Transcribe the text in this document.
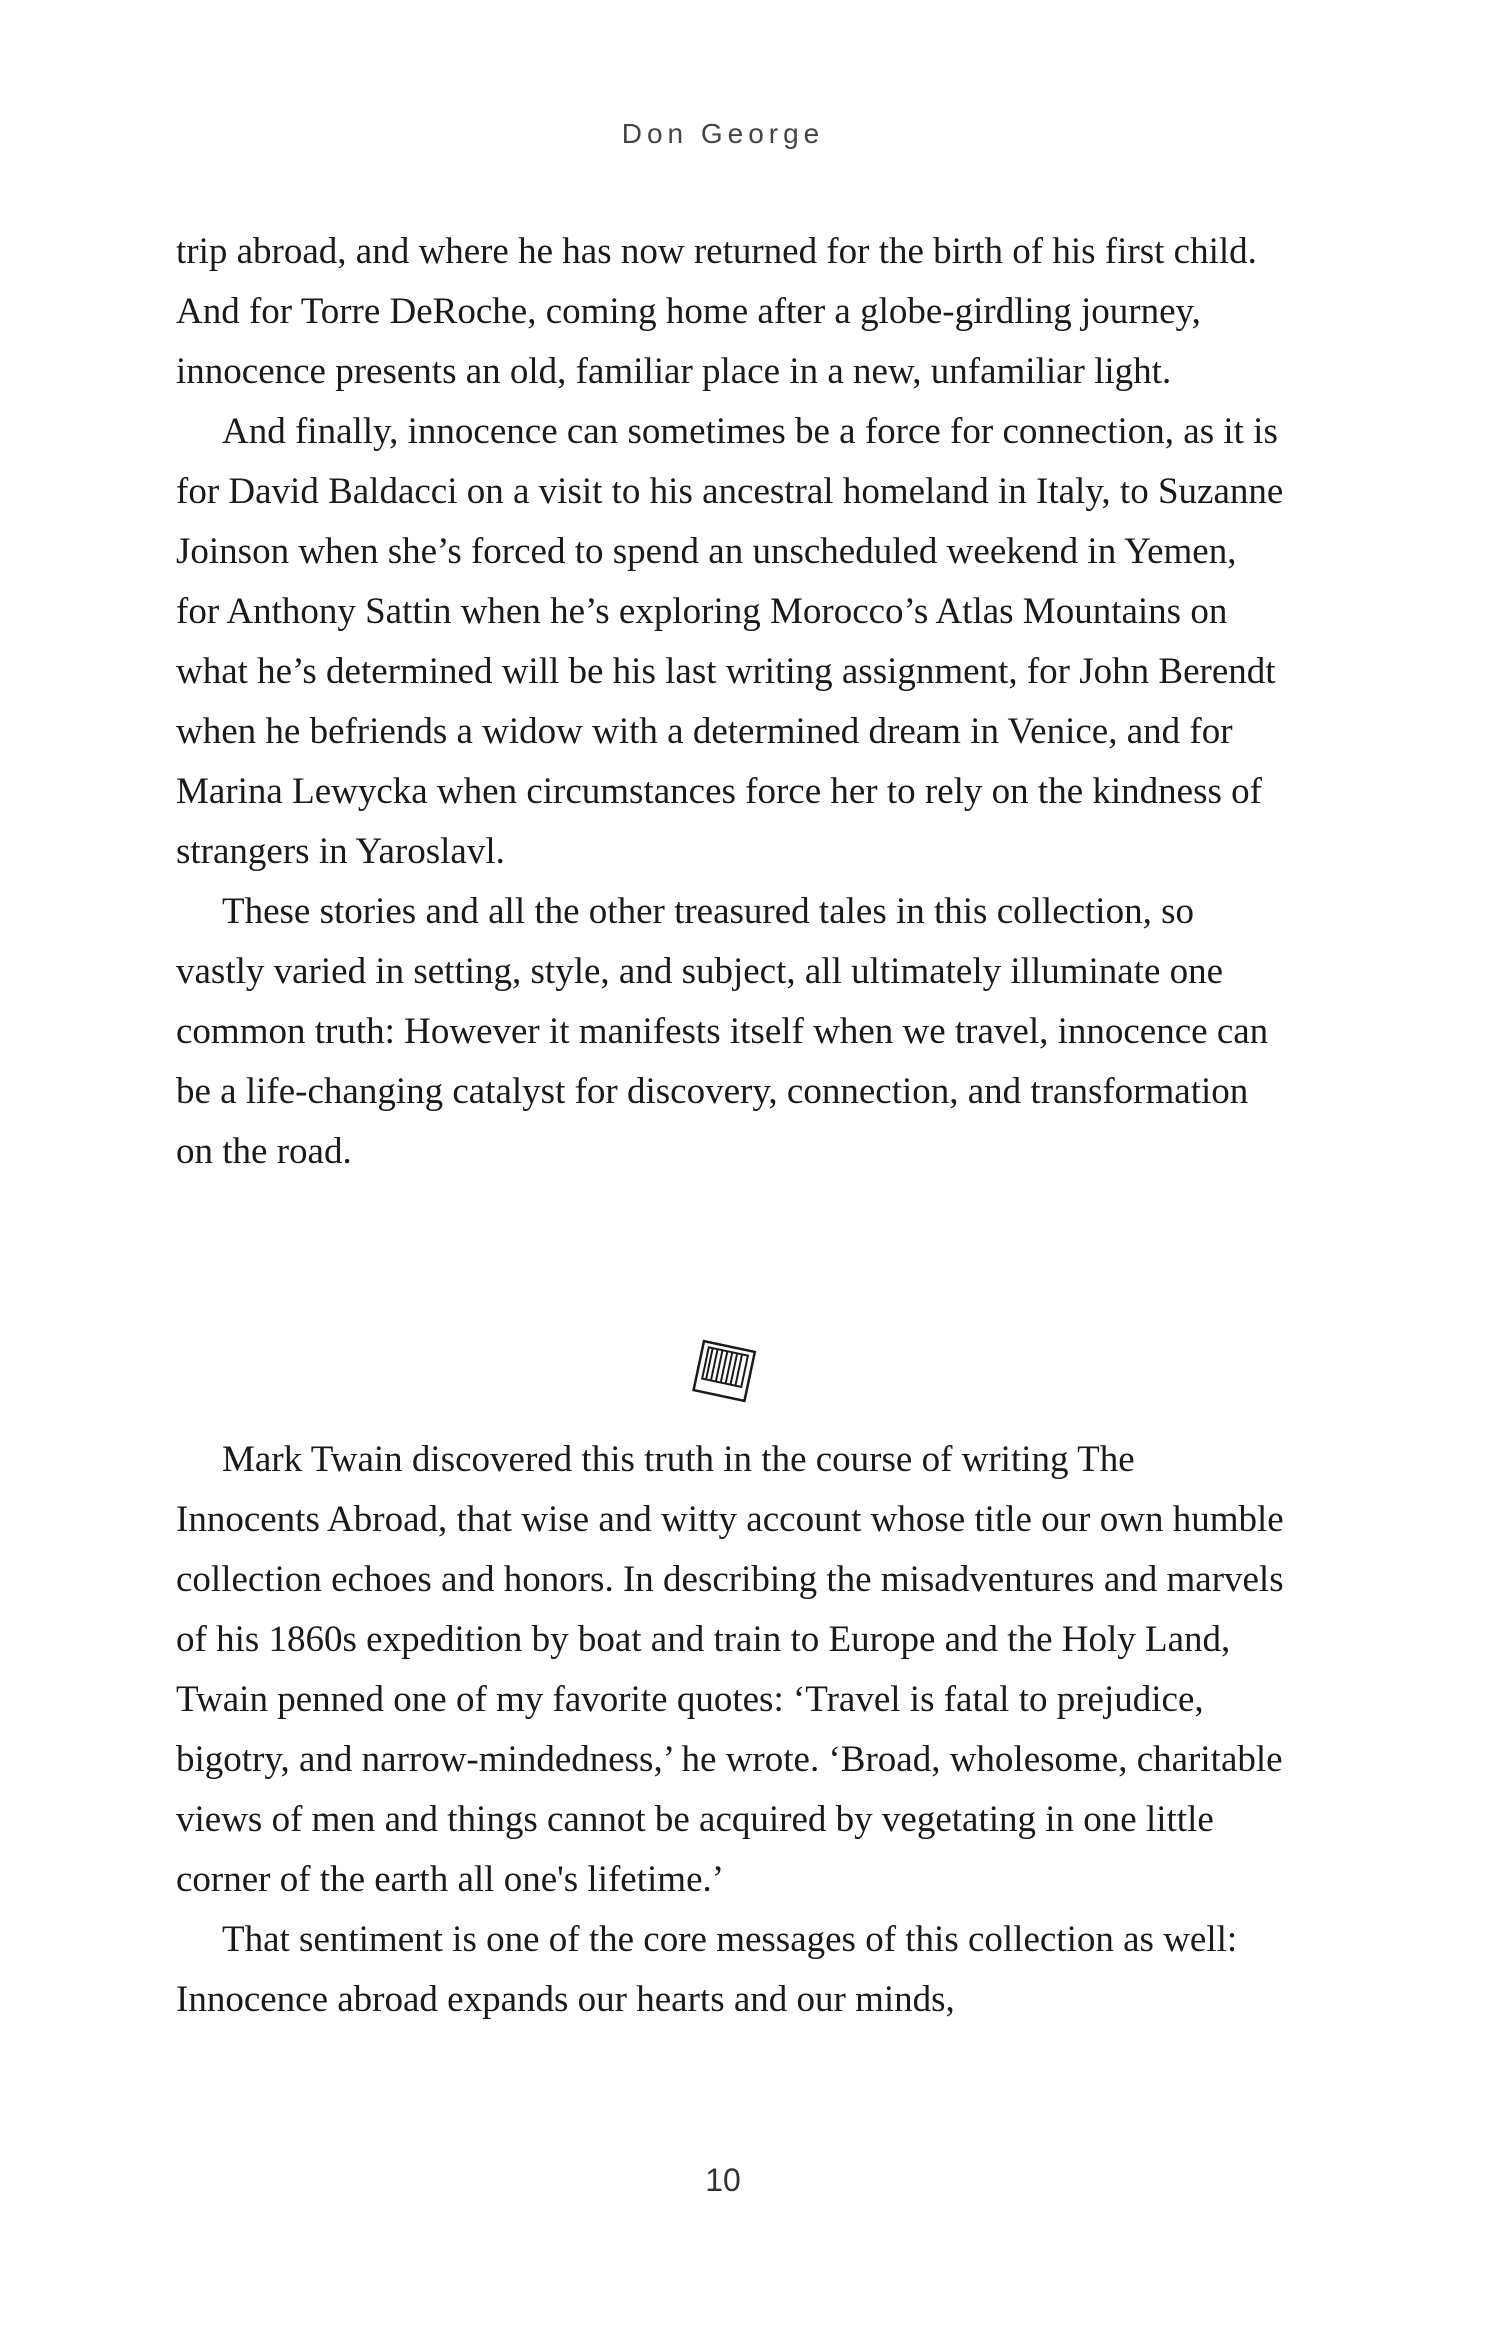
Don George

trip abroad, and where he has now returned for the birth of his first child. And for Torre DeRoche, coming home after a globe-girdling journey, innocence presents an old, familiar place in a new, unfamiliar light.

And finally, innocence can sometimes be a force for connection, as it is for David Baldacci on a visit to his ancestral homeland in Italy, to Suzanne Joinson when she’s forced to spend an unscheduled weekend in Yemen, for Anthony Sattin when he’s exploring Morocco’s Atlas Mountains on what he’s determined will be his last writing assignment, for John Berendt when he befriends a widow with a determined dream in Venice, and for Marina Lewycka when circumstances force her to rely on the kindness of strangers in Yaroslavl.

These stories and all the other treasured tales in this collection, so vastly varied in setting, style, and subject, all ultimately illuminate one common truth: However it manifests itself when we travel, innocence can be a life-changing catalyst for discovery, connection, and transformation on the road.

Mark Twain discovered this truth in the course of writing The Innocents Abroad, that wise and witty account whose title our own humble collection echoes and honors. In describing the misadventures and marvels of his 1860s expedition by boat and train to Europe and the Holy Land, Twain penned one of my favorite quotes: ‘Travel is fatal to prejudice, bigotry, and narrow-mindedness,’ he wrote. ‘Broad, wholesome, charitable views of men and things cannot be acquired by vegetating in one little corner of the earth all one's lifetime.’

That sentiment is one of the core messages of this collection as well: Innocence abroad expands our hearts and our minds,

10
